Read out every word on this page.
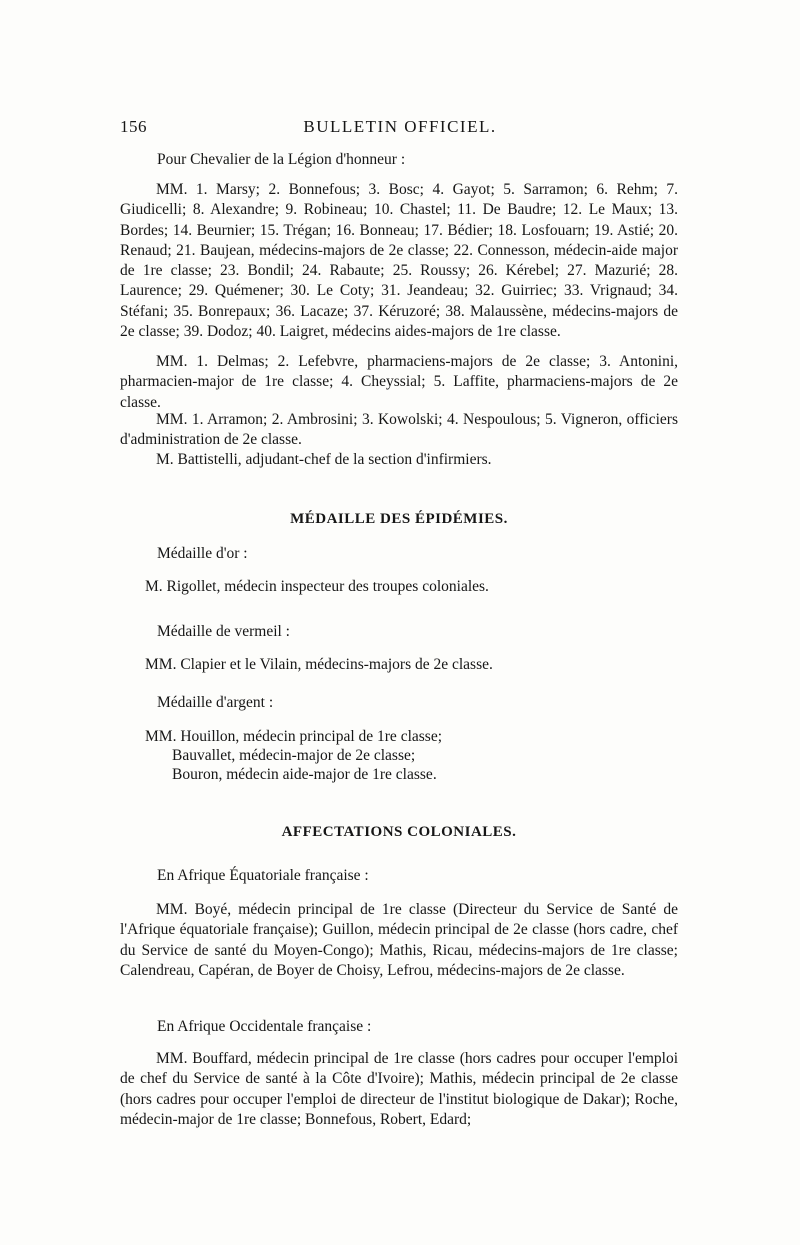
156	BULLETIN OFFICIEL.

Pour Chevalier de la Légion d'honneur :

MM. 1. Marsy; 2. Bonnefous; 3. Bosc; 4. Gayot; 5. Sarramon; 6. Rehm; 7. Giudicelli; 8. Alexandre; 9. Robineau; 10. Chastel; 11. De Baudre; 12. Le Maux; 13. Bordes; 14. Beurnier; 15. Trégan; 16. Bonneau; 17. Bédier; 18. Losfouarn; 19. Astié; 20. Renaud; 21. Baujean, médecins-majors de 2e classe; 22. Connesson, médecin-aide major de 1re classe; 23. Bondil; 24. Rabaute; 25. Roussy; 26. Kérebel; 27. Mazurié; 28. Laurence; 29. Quémener; 30. Le Coty; 31. Jeandeau; 32. Guirriec; 33. Vrignaud; 34. Stéfani; 35. Bonrepaux; 36. Lacaze; 37. Kéruzoré; 38. Malaussène, médecins-majors de 2e classe; 39. Dodoz; 40. Laigret, médecins aides-majors de 1re classe.

MM. 1. Delmas; 2. Lefebvre, pharmaciens-majors de 2e classe; 3. Antonini, pharmacien-major de 1re classe; 4. Cheyssial; 5. Laffite, pharmaciens-majors de 2e classe.

MM. 1. Arramon; 2. Ambrosini; 3. Kowolski; 4. Nespoulous; 5. Vigneron, officiers d'administration de 2e classe.

M. Battistelli, adjudant-chef de la section d'infirmiers.

MÉDAILLE DES ÉPIDÉMIES.

Médaille d'or :

M. Rigollet, médecin inspecteur des troupes coloniales.

Médaille de vermeil :

MM. Clapier et le Vilain, médecins-majors de 2e classe.

Médaille d'argent :

MM. Houillon, médecin principal de 1re classe;

Bauvallet, médecin-major de 2e classe;

Bouron, médecin aide-major de 1re classe.

AFFECTATIONS COLONIALES.

En Afrique Équatoriale française :

MM. Boyé, médecin principal de 1re classe (Directeur du Service de Santé de l'Afrique équatoriale française); Guillon, médecin principal de 2e classe (hors cadre, chef du Service de santé du Moyen-Congo); Mathis, Ricau, médecins-majors de 1re classe; Calendreau, Capéran, de Boyer de Choisy, Lefrou, médecins-majors de 2e classe.

En Afrique Occidentale française :

MM. Bouffard, médecin principal de 1re classe (hors cadres pour occuper l'emploi de chef du Service de santé à la Côte d'Ivoire); Mathis, médecin principal de 2e classe (hors cadres pour occuper l'emploi de directeur de l'institut biologique de Dakar); Roche, médecin-major de 1re classe; Bonnefous, Robert, Edard;
